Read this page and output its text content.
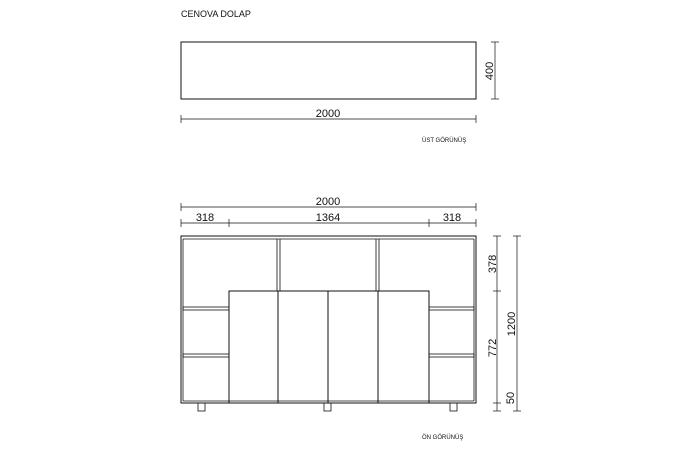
CENOVA DOLAP
2000
400
ÜST GÖRÜNÜŞ
2000
318	1364	318
378
772
50
1200
ÖN GÖRÜNÜŞ
